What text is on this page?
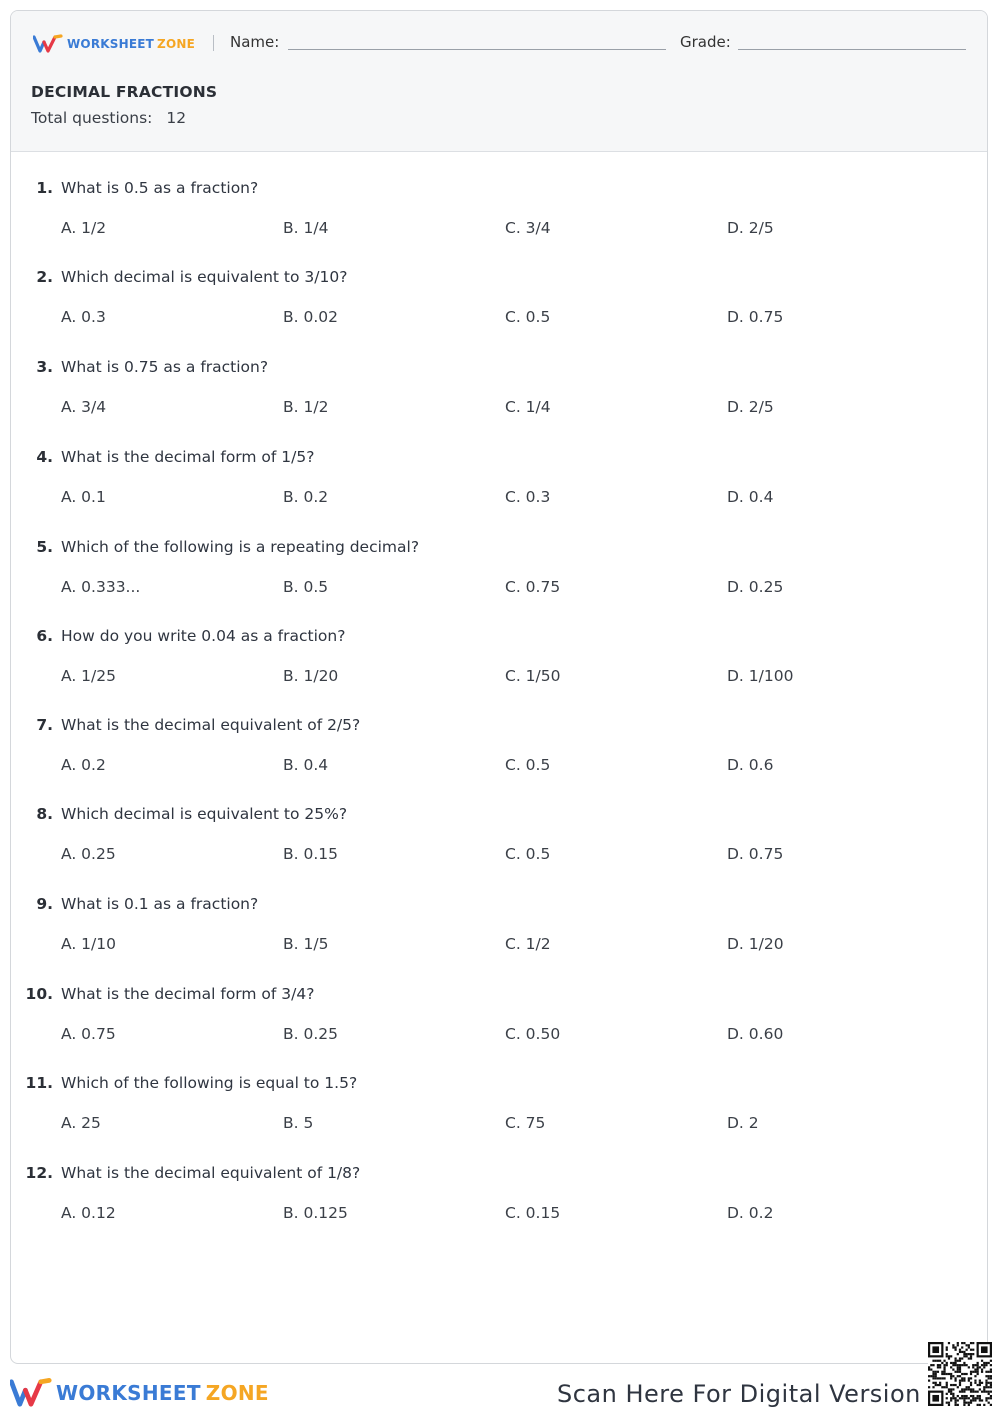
WORKSHEET ZONE Name:	Grade:
DECIMAL FRACTIONS
Total questions: 12
1. What is 0.5 as a fraction?
A. 1/2	B. 1/4	C. 3/4	D. 2/5
2. Which decimal is equivalent to 3/10?
A. 0.3	B. 0.02	C. 0.5	D. 0.75
3. What is 0.75 as a fraction?
A. 3/4	B. 1/2	C. 1/4	D. 2/5
4. What is the decimal form of 1/5?
A. 0.1	B. 0.2	C. 0.3	D. 0.4
5. Which of the following is a repeating decimal?
A. 0.333...	B. 0.5	C. 0.75	D. 0.25
6. How do you write 0.04 as a fraction?
A. 1/25	B. 1/20	C. 1/50	D. 1/100
7. What is the decimal equivalent of 2/5?
A. 0.2	B. 0.4	C. 0.5	D. 0.6
8. Which decimal is equivalent to 25%?
A. 0.25	B. 0.15	C. 0.5	D. 0.75
9. What is 0.1 as a fraction?
A. 1/10	B. 1/5	C. 1/2	D. 1/20
10. What is the decimal form of 3/4?
A. 0.75	B. 0.25	C. 0.50	D. 0.60
11. Which of the following is equal to 1.5?
A. 25	B. 5	C. 75	D. 2
12. What is the decimal equivalent of 1/8?
A. 0.12	B. 0.125	C. 0.15	D. 0.2
WORKSHEET ZONE	Scan Here For Digital Version
